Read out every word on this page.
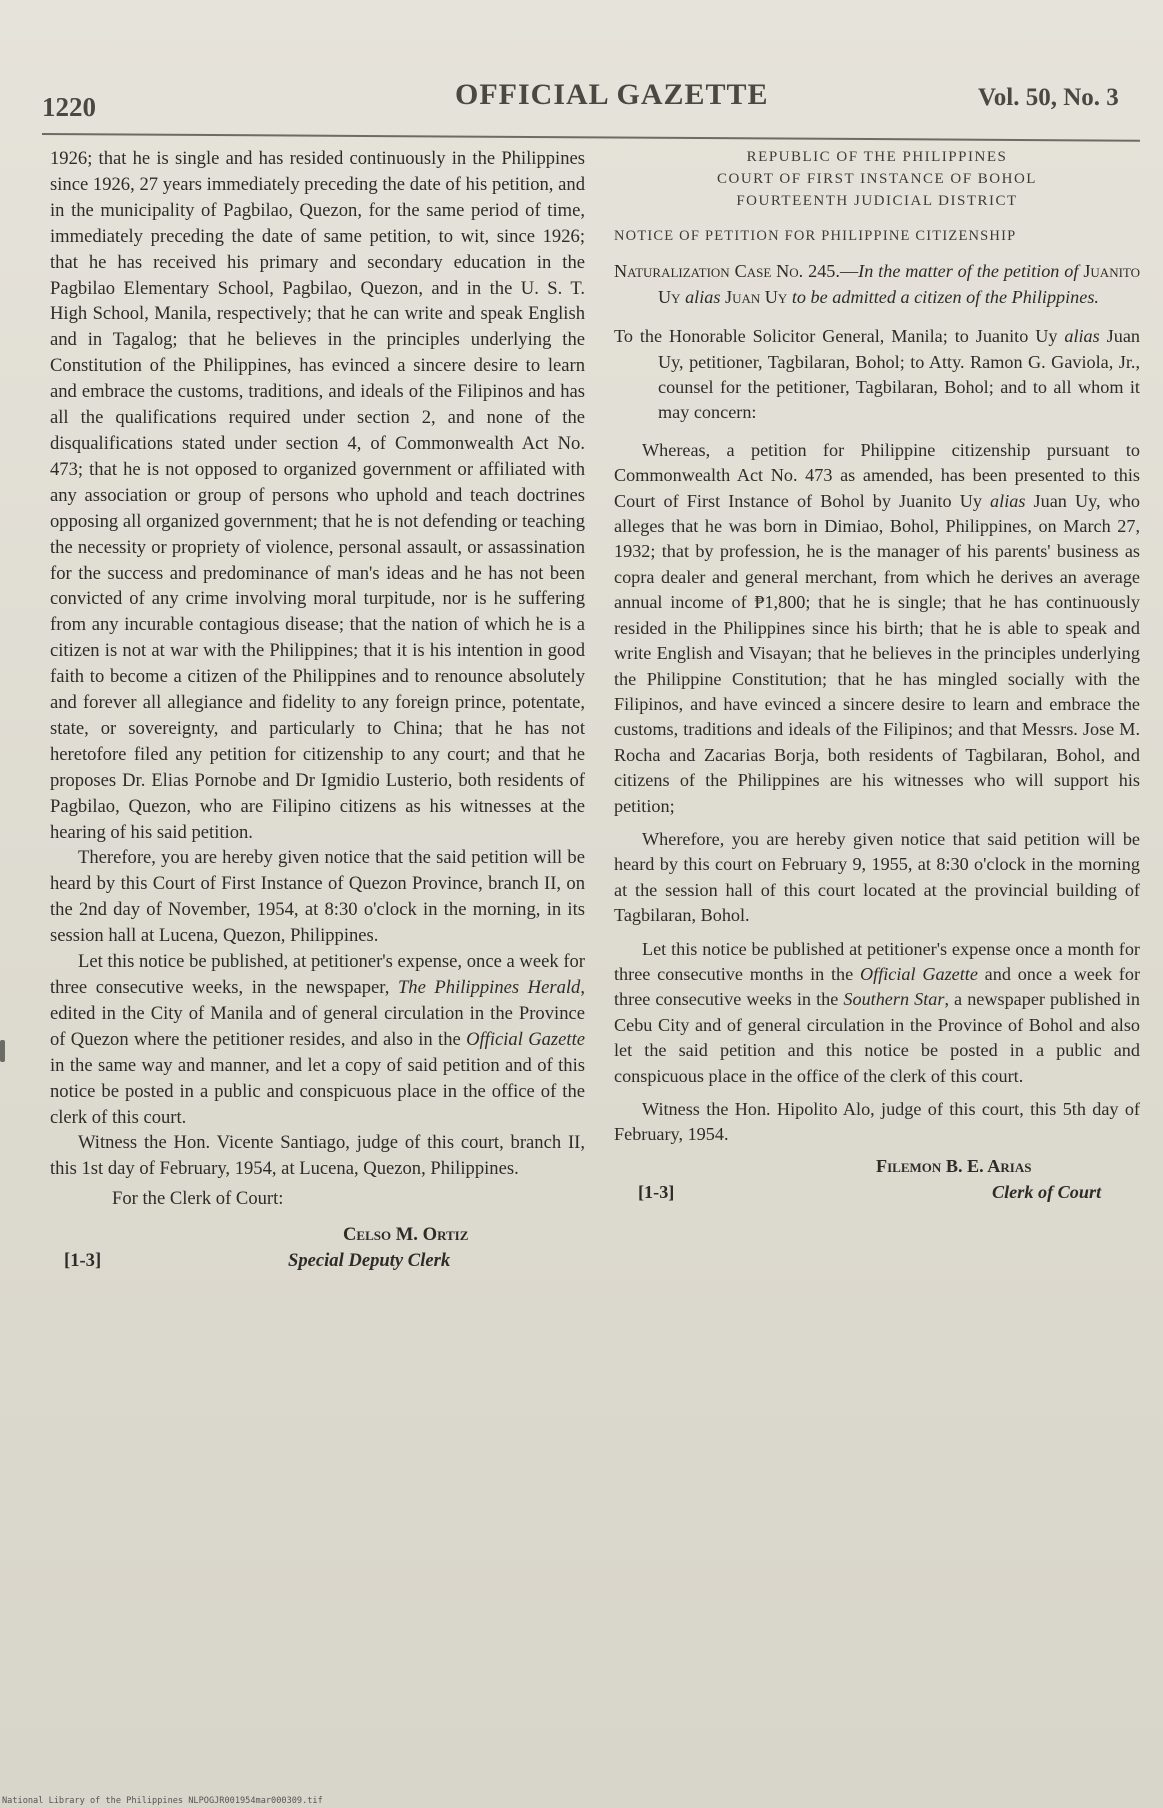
1220	OFFICIAL GAZETTE	Vol. 50, No. 3

1926; that he is single and has resided continuously in the Philippines since 1926, 27 years immediately preceding the date of his petition, and in the municipality of Pagbilao, Quezon, for the same period of time, immediately preceding the date of same petition, to wit, since 1926; that he has received his primary and secondary education in the Pagbilao Elementary School, Pagbilao, Quezon, and in the U. S. T. High School, Manila, respectively; that he can write and speak English and in Tagalog; that he believes in the principles underlying the Constitution of the Philippines, has evinced a sincere desire to learn and embrace the customs, traditions, and ideals of the Filipinos and has all the qualifications required under section 2, and none of the disqualifications stated under section 4, of Commonwealth Act No. 473; that he is not opposed to organized government or affiliated with any association or group of persons who uphold and teach doctrines opposing all organized government; that he is not defending or teaching the necessity or propriety of violence, personal assault, or assassination for the success and predominance of man's ideas and he has not been convicted of any crime involving moral turpitude, nor is he suffering from any incurable contagious disease; that the nation of which he is a citizen is not at war with the Philippines; that it is his intention in good faith to become a citizen of the Philippines and to renounce absolutely and forever all allegiance and fidelity to any foreign prince, potentate, state, or sovereignty, and particularly to China; that he has not heretofore filed any petition for citizenship to any court; and that he proposes Dr. Elias Pornobe and Dr Igmidio Lusterio, both residents of Pagbilao, Quezon, who are Filipino citizens as his witnesses at the hearing of his said petition.

Therefore, you are hereby given notice that the said petition will be heard by this Court of First Instance of Quezon Province, branch II, on the 2nd day of November, 1954, at 8:30 o'clock in the morning, in its session hall at Lucena, Quezon, Philippines.

Let this notice be published, at petitioner's expense, once a week for three consecutive weeks, in the newspaper, The Philippines Herald, edited in the City of Manila and of general circulation in the Province of Quezon where the petitioner resides, and also in the Official Gazette in the same way and manner, and let a copy of said petition and of this notice be posted in a public and conspicuous place in the office of the clerk of this court.

Witness the Hon. Vicente Santiago, judge of this court, branch II, this 1st day of February, 1954, at Lucena, Quezon, Philippines.

For the Clerk of Court:

Celso M. Ortiz
[1-3]	Special Deputy Clerk

REPUBLIC OF THE PHILIPPINES

COURT OF FIRST INSTANCE OF BOHOL

FOURTEENTH JUDICIAL DISTRICT

NOTICE OF PETITION FOR PHILIPPINE CITIZENSHIP

Naturalization Case No. 245.—In the matter of the petition of Juanito Uy alias Juan Uy to be admitted a citizen of the Philippines.

To the Honorable Solicitor General, Manila; to Juanito Uy alias Juan Uy, petitioner, Tagbilaran, Bohol; to Atty. Ramon G. Gaviola, Jr., counsel for the petitioner, Tagbilaran, Bohol; and to all whom it may concern:

Whereas, a petition for Philippine citizenship pursuant to Commonwealth Act No. 473 as amended, has been presented to this Court of First Instance of Bohol by Juanito Uy alias Juan Uy, who alleges that he was born in Dimiao, Bohol, Philippines, on March 27, 1932; that by profession, he is the manager of his parents' business as copra dealer and general merchant, from which he derives an average annual income of ₱1,800; that he is single; that he has continuously resided in the Philippines since his birth; that he is able to speak and write English and Visayan; that he believes in the principles underlying the Philippine Constitution; that he has mingled socially with the Filipinos, and have evinced a sincere desire to learn and embrace the customs, traditions and ideals of the Filipinos; and that Messrs. Jose M. Rocha and Zacarias Borja, both residents of Tagbilaran, Bohol, and citizens of the Philippines are his witnesses who will support his petition;

Wherefore, you are hereby given notice that said petition will be heard by this court on February 9, 1955, at 8:30 o'clock in the morning at the session hall of this court located at the provincial building of Tagbilaran, Bohol.

Let this notice be published at petitioner's expense once a month for three consecutive months in the Official Gazette and once a week for three consecutive weeks in the Southern Star, a newspaper published in Cebu City and of general circulation in the Province of Bohol and also let the said petition and this notice be posted in a public and conspicuous place in the office of the clerk of this court.

Witness the Hon. Hipolito Alo, judge of this court, this 5th day of February, 1954.

Filemon B. E. Arias
[1-3]	Clerk of Court
National Library of the Philippines NLPOGJR001954mar000309.tif
